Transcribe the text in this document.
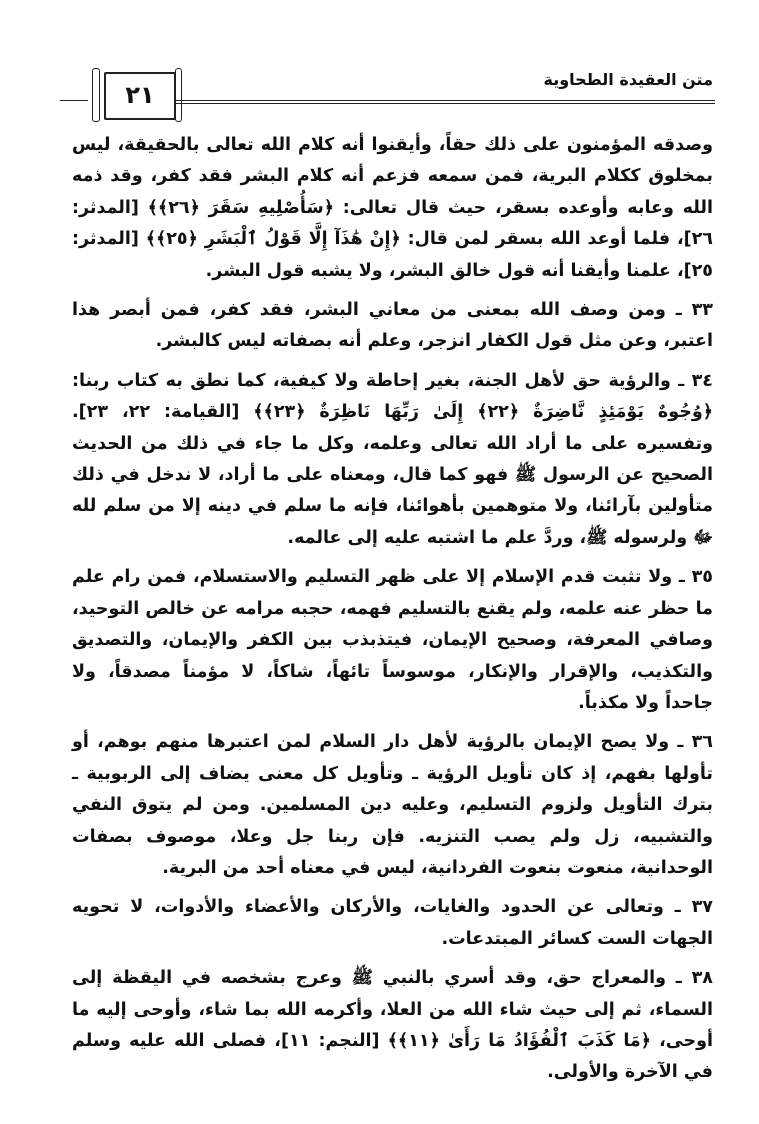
متن العقيدة الطحاوية
٢١

وصدقه المؤمنون على ذلك حقاً، وأيقنوا أنه كلام الله تعالى بالحقيقة، ليس بمخلوق ككلام البرية، فمن سمعه فزعم أنه كلام البشر فقد كفر، وقد ذمه الله وعابه وأوعده بسقر، حيث قال تعالى: ﴿سَأُصْلِيهِ سَقَرَ ﴿٢٦﴾﴾ [المدثر: ٢٦]، فلما أوعد الله بسقر لمن قال: ﴿إِنْ هَٰذَآ إِلَّا قَوْلُ ٱلْبَشَرِ ﴿٢٥﴾﴾ [المدثر: ٢٥]، علمنا وأيقنا أنه قول خالق البشر، ولا يشبه قول البشر.

٣٣ ـ ومن وصف الله بمعنى من معاني البشر، فقد كفر، فمن أبصر هذا اعتبر، وعن مثل قول الكفار انزجر، وعلم أنه بصفاته ليس كالبشر.

٣٤ ـ والرؤية حق لأهل الجنة، بغير إحاطة ولا كيفية، كما نطق به كتاب ربنا: ﴿وُجُوهٌ يَوْمَئِذٍ نَّاضِرَةٌ ﴿٢٢﴾ إِلَىٰ رَبِّهَا نَاظِرَةٌ ﴿٢٣﴾﴾ [القيامة: ٢٢، ٢٣]. وتفسيره على ما أراد الله تعالى وعلمه، وكل ما جاء في ذلك من الحديث الصحيح عن الرسول ﷺ فهو كما قال، ومعناه على ما أراد، لا ندخل في ذلك متأولين بآرائنا، ولا متوهمين بأهوائنا، فإنه ما سلم في دينه إلا من سلم لله ﷻ ولرسوله ﷺ، وردَّ علم ما اشتبه عليه إلى عالمه.

٣٥ ـ ولا تثبت قدم الإسلام إلا على ظهر التسليم والاستسلام، فمن رام علم ما حظر عنه علمه، ولم يقنع بالتسليم فهمه، حجبه مرامه عن خالص التوحيد، وصافي المعرفة، وصحيح الإيمان، فيتذبذب بين الكفر والإيمان، والتصديق والتكذيب، والإقرار والإنكار، موسوساً تائهاً، شاكاً، لا مؤمناً مصدقاً، ولا جاحداً ولا مكذباً.

٣٦ ـ ولا يصح الإيمان بالرؤية لأهل دار السلام لمن اعتبرها منهم بوهم، أو تأولها بفهم، إذ كان تأويل الرؤية ـ وتأويل كل معنى يضاف إلى الربوبية ـ بترك التأويل ولزوم التسليم، وعليه دين المسلمين. ومن لم يتوق النفي والتشبيه، زل ولم يصب التنزيه. فإن ربنا جل وعلا، موصوف بصفات الوحدانية، منعوت بنعوت الفردانية، ليس في معناه أحد من البرية.

٣٧ ـ وتعالى عن الحدود والغايات، والأركان والأعضاء والأدوات، لا تحويه الجهات الست كسائر المبتدعات.

٣٨ ـ والمعراج حق، وقد أسري بالنبي ﷺ وعرج بشخصه في اليقظة إلى السماء، ثم إلى حيث شاء الله من العلا، وأكرمه الله بما شاء، وأوحى إليه ما أوحى، ﴿مَا كَذَبَ ٱلْفُؤَادُ مَا رَأَىٰ ﴿١١﴾﴾ [النجم: ١١]، فصلى الله عليه وسلم في الآخرة والأولى.
